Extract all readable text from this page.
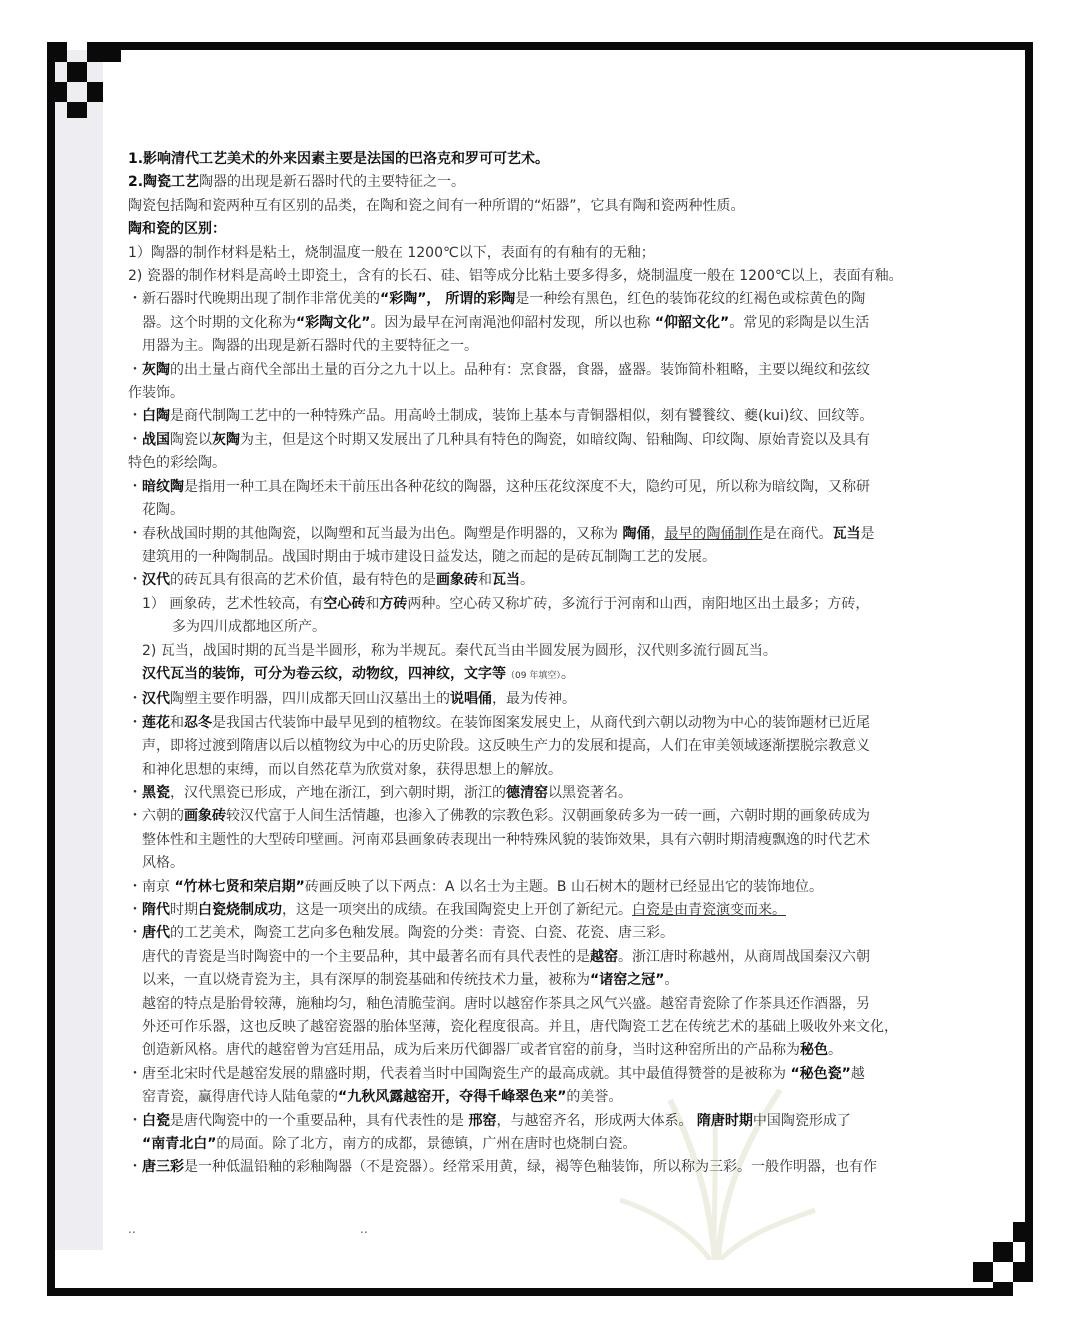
1.影响清代工艺美术的外来因素主要是法国的巴洛克和罗可可艺术。
2.陶瓷工艺陶器的出现是新石器时代的主要特征之一。
陶瓷包括陶和瓷两种互有区别的品类，在陶和瓷之间有一种所谓的“炻器”，它具有陶和瓷两种性质。
陶和瓷的区别：
1）陶器的制作材料是粘土，烧制温度一般在 1200℃以下，表面有的有釉有的无釉；
2) 瓷器的制作材料是高岭土即瓷土，含有的长石、硅、铝等成分比粘土要多得多，烧制温度一般在 1200℃以上，表面有釉。
・新石器时代晚期出现了制作非常优美的“彩陶”， 所谓的彩陶是一种绘有黑色，红色的装饰花纹的红褐色或棕黄色的陶
器。这个时期的文化称为“彩陶文化”。因为最早在河南渑池仰韶村发现，所以也称 “仰韶文化”。常见的彩陶是以生活
用器为主。陶器的出现是新石器时代的主要特征之一。
・灰陶的出土量占商代全部出土量的百分之九十以上。品种有：烹食器，食器，盛器。装饰简朴粗略，主要以绳纹和弦纹
作装饰。
・白陶是商代制陶工艺中的一种特殊产品。用高岭土制成，装饰上基本与青铜器相似，刻有饕餮纹、夔(kui)纹、回纹等。
・战国陶瓷以灰陶为主，但是这个时期又发展出了几种具有特色的陶瓷，如暗纹陶、铅釉陶、印纹陶、原始青瓷以及具有
特色的彩绘陶。
・暗纹陶是指用一种工具在陶坯未干前压出各种花纹的陶器，这种压花纹深度不大，隐约可见，所以称为暗纹陶，又称研
花陶。
・春秋战国时期的其他陶瓷，以陶塑和瓦当最为出色。陶塑是作明器的，又称为 陶俑，最早的陶俑制作是在商代。瓦当是
建筑用的一种陶制品。战国时期由于城市建设日益发达，随之而起的是砖瓦制陶工艺的发展。
・汉代的砖瓦具有很高的艺术价值，最有特色的是画象砖和瓦当。
1） 画象砖，艺术性较高，有空心砖和方砖两种。空心砖又称圹砖，多流行于河南和山西，南阳地区出土最多；方砖，
多为四川成都地区所产。
2) 瓦当，战国时期的瓦当是半圆形，称为半规瓦。秦代瓦当由半圆发展为圆形，汉代则多流行圆瓦当。
汉代瓦当的装饰，可分为卷云纹，动物纹，四神纹，文字等（09 年填空）。
・汉代陶塑主要作明器，四川成都天回山汉墓出土的说唱俑，最为传神。
・莲花和忍冬是我国古代装饰中最早见到的植物纹。在装饰图案发展史上，从商代到六朝以动物为中心的装饰题材已近尾
声，即将过渡到隋唐以后以植物纹为中心的历史阶段。这反映生产力的发展和提高，人们在审美领域逐渐摆脱宗教意义
和神化思想的束缚，而以自然花草为欣赏对象，获得思想上的解放。
・黑瓷，汉代黑瓷已形成，产地在浙江，到六朝时期，浙江的德清窑以黑瓷著名。
・六朝的画象砖较汉代富于人间生活情趣，也渗入了佛教的宗教色彩。汉朝画象砖多为一砖一画，六朝时期的画象砖成为
整体性和主题性的大型砖印壁画。河南邓县画象砖表现出一种特殊风貌的装饰效果，具有六朝时期清瘦飘逸的时代艺术
风格。
・南京 “竹林七贤和荣启期”砖画反映了以下两点：A 以名士为主题。B 山石树木的题材已经显出它的装饰地位。
・隋代时期白瓷烧制成功，这是一项突出的成绩。在我国陶瓷史上开创了新纪元。白瓷是由青瓷演变而来。
・唐代的工艺美术，陶瓷工艺向多色釉发展。陶瓷的分类：青瓷、白瓷、花瓷、唐三彩。
唐代的青瓷是当时陶瓷中的一个主要品种，其中最著名而有具代表性的是越窑。浙江唐时称越州，从商周战国秦汉六朝
以来，一直以烧青瓷为主，具有深厚的制瓷基础和传统技术力量，被称为“诸窑之冠”。
越窑的特点是胎骨较薄，施釉均匀，釉色清脆莹润。唐时以越窑作茶具之风气兴盛。越窑青瓷除了作茶具还作酒器，另
外还可作乐器，这也反映了越窑瓷器的胎体坚薄，瓷化程度很高。并且，唐代陶瓷工艺在传统艺术的基础上吸收外来文化，
创造新风格。唐代的越窑曾为宫廷用品，成为后来历代御器厂或者官窑的前身，当时这种窑所出的产品称为秘色。
・唐至北宋时代是越窑发展的鼎盛时期，代表着当时中国陶瓷生产的最高成就。其中最值得赞誉的是被称为 “秘色瓷”越
窑青瓷，赢得唐代诗人陆龟蒙的“九秋风露越窑开，夺得千峰翠色来”的美誉。
・白瓷是唐代陶瓷中的一个重要品种，具有代表性的是 邢窑，与越窑齐名，形成两大体系。 隋唐时期中国陶瓷形成了
“南青北白”的局面。除了北方，南方的成都，景德镇，广州在唐时也烧制白瓷。
・唐三彩是一种低温铅釉的彩釉陶器（不是瓷器）。经常采用黄，绿，褐等色釉装饰，所以称为三彩。一般作明器，也有作
..	..
